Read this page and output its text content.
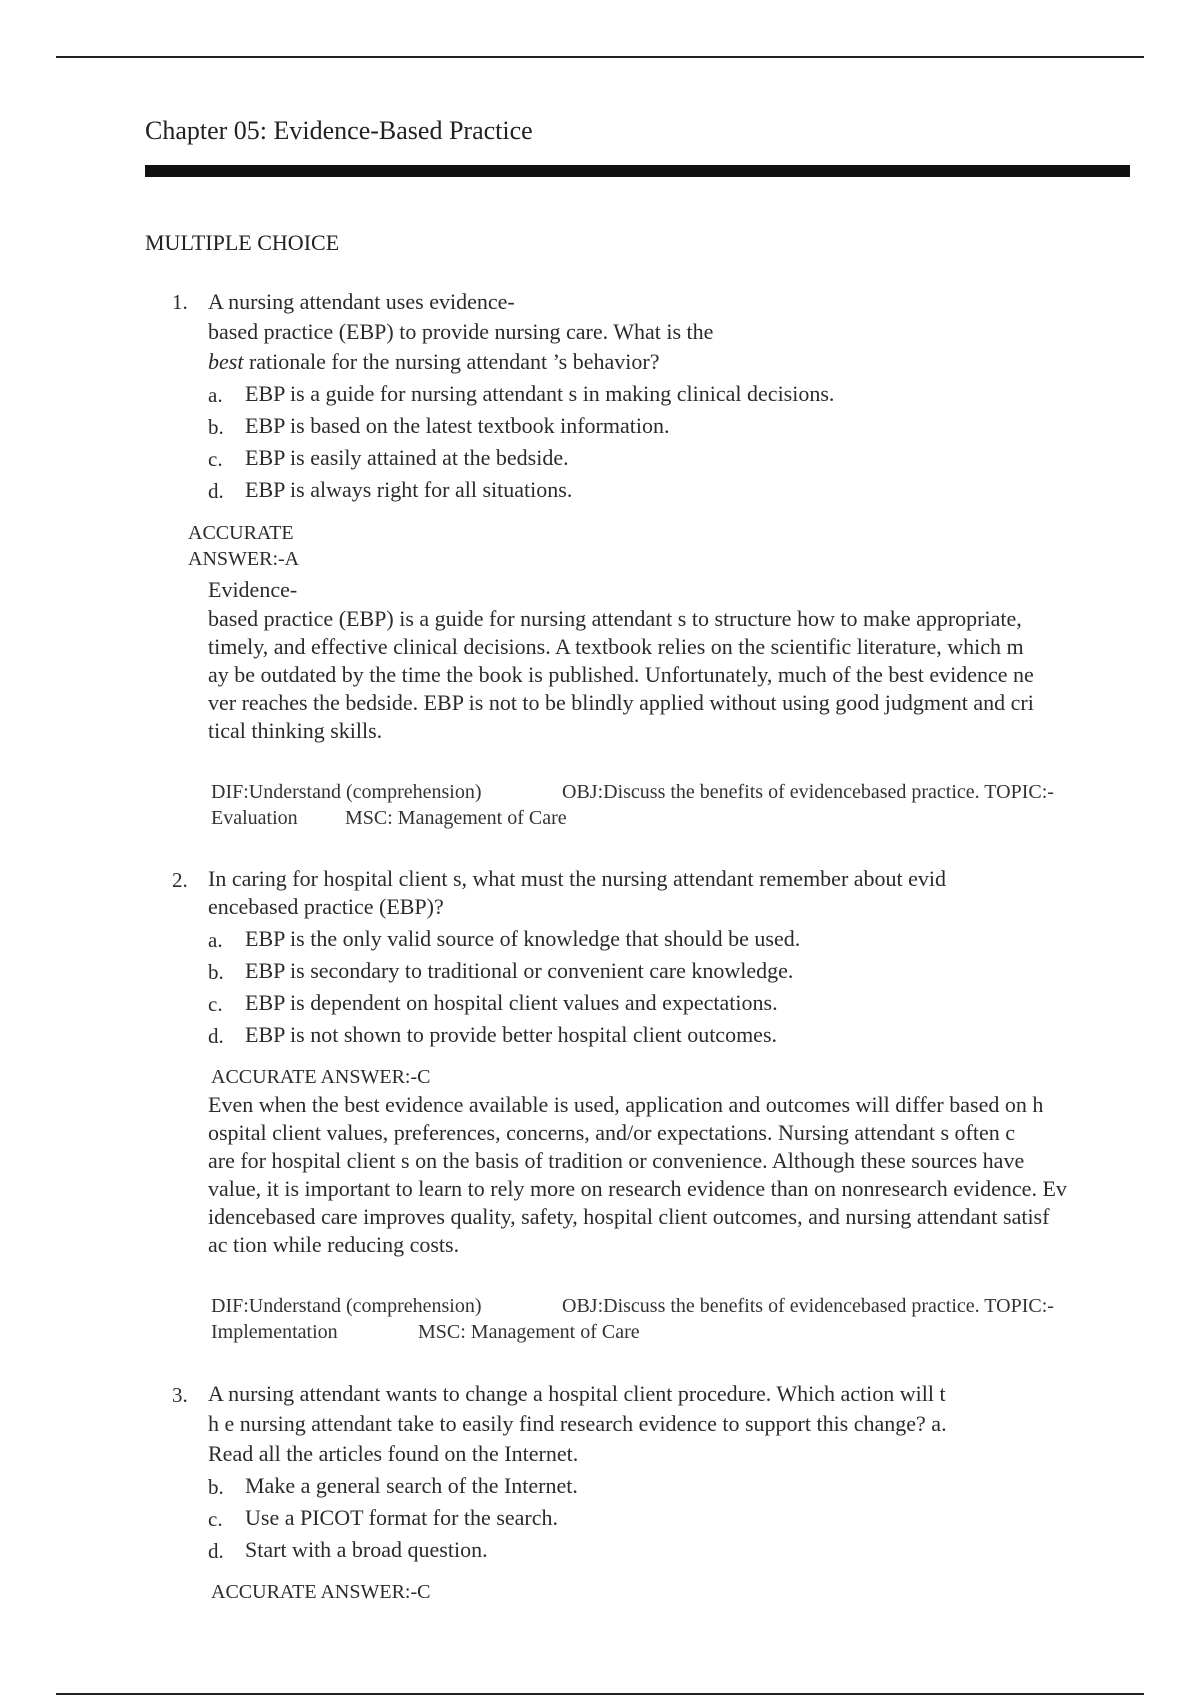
Chapter 05: Evidence-Based Practice
MULTIPLE CHOICE
1. A nursing attendant uses evidence-
based practice (EBP) to provide nursing care. What is the
best rationale for the nursing attendant ’s behavior?
a. EBP is a guide for nursing attendant s in making clinical decisions.
b. EBP is based on the latest textbook information.
c. EBP is easily attained at the bedside.
d. EBP is always right for all situations.
ACCURATE
ANSWER:-A
Evidence-
based practice (EBP) is a guide for nursing attendant s to structure how to make appropriate,
timely, and effective clinical decisions. A textbook relies on the scientific literature, which m
ay be outdated by the time the book is published. Unfortunately, much of the best evidence ne
ver reaches the bedside. EBP is not to be blindly applied without using good judgment and cri
tical thinking skills.
DIF:Understand (comprehension)	OBJ:Discuss the benefits of evidencebased practice. TOPIC:-
Evaluation MSC: Management of Care
2. In caring for hospital client s, what must the nursing attendant remember about evid
encebased practice (EBP)?
a. EBP is the only valid source of knowledge that should be used.
b. EBP is secondary to traditional or convenient care knowledge.
c. EBP is dependent on hospital client values and expectations.
d. EBP is not shown to provide better hospital client outcomes.
ACCURATE ANSWER:-C
Even when the best evidence available is used, application and outcomes will differ based on h
ospital client values, preferences, concerns, and/or expectations. Nursing attendant s often c
are for hospital client s on the basis of tradition or convenience. Although these sources have
value, it is important to learn to rely more on research evidence than on nonresearch evidence. Ev
idencebased care improves quality, safety, hospital client outcomes, and nursing attendant satisf
ac tion while reducing costs.
DIF:Understand (comprehension)	OBJ:Discuss the benefits of evidencebased practice. TOPIC:-
Implementation	MSC: Management of Care
3. A nursing attendant wants to change a hospital client procedure. Which action will t
h e nursing attendant take to easily find research evidence to support this change? a.
Read all the articles found on the Internet.
b. Make a general search of the Internet.
c. Use a PICOT format for the search.
d. Start with a broad question.
ACCURATE ANSWER:-C
